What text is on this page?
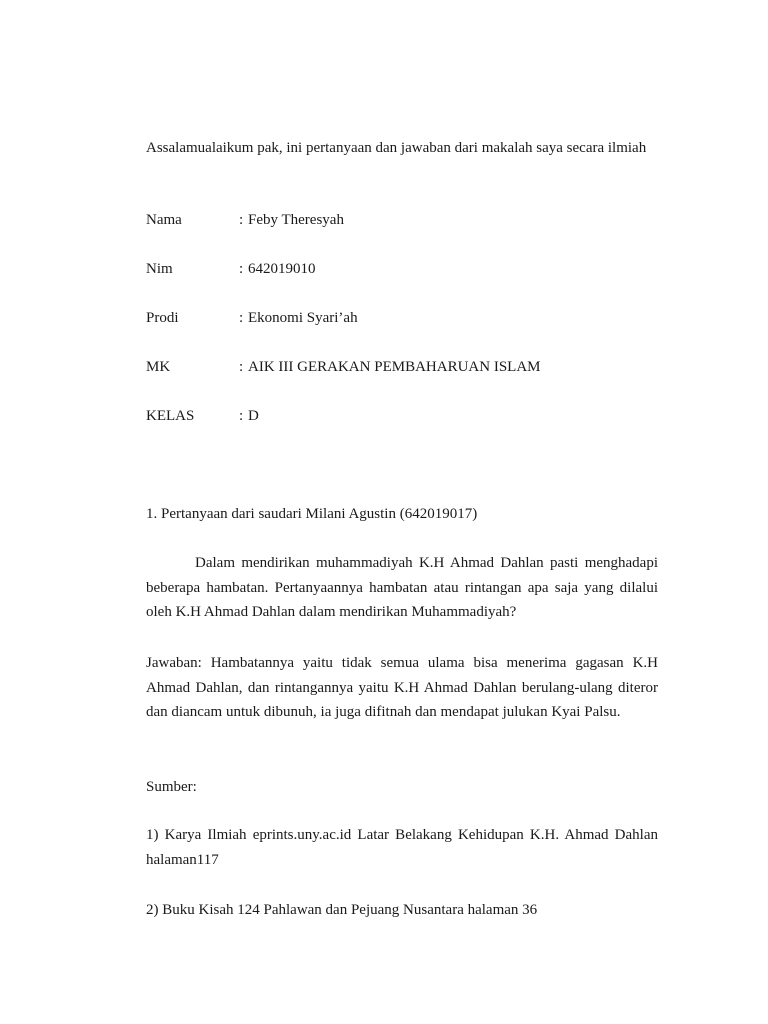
Assalamualaikum pak, ini pertanyaan dan jawaban dari makalah saya secara ilmiah

Nama	: Feby Theresyah
Nim	: 642019010
Prodi	: Ekonomi Syari’ah
MK	: AIK III GERAKAN PEMBAHARUAN ISLAM
KELAS	: D
1. Pertanyaan dari saudari Milani Agustin (642019017)

Dalam mendirikan muhammadiyah K.H Ahmad Dahlan pasti menghadapi beberapa hambatan. Pertanyaannya hambatan atau rintangan apa saja yang dilalui oleh K.H Ahmad Dahlan dalam mendirikan Muhammadiyah?

Jawaban: Hambatannya yaitu tidak semua ulama bisa menerima gagasan K.H Ahmad Dahlan, dan rintangannya yaitu K.H Ahmad Dahlan berulang-ulang diteror dan diancam untuk dibunuh, ia juga difitnah dan mendapat julukan Kyai Palsu.

Sumber:

1) Karya Ilmiah eprints.uny.ac.id Latar Belakang Kehidupan K.H. Ahmad Dahlan halaman117

2) Buku Kisah 124 Pahlawan dan Pejuang Nusantara halaman 36
